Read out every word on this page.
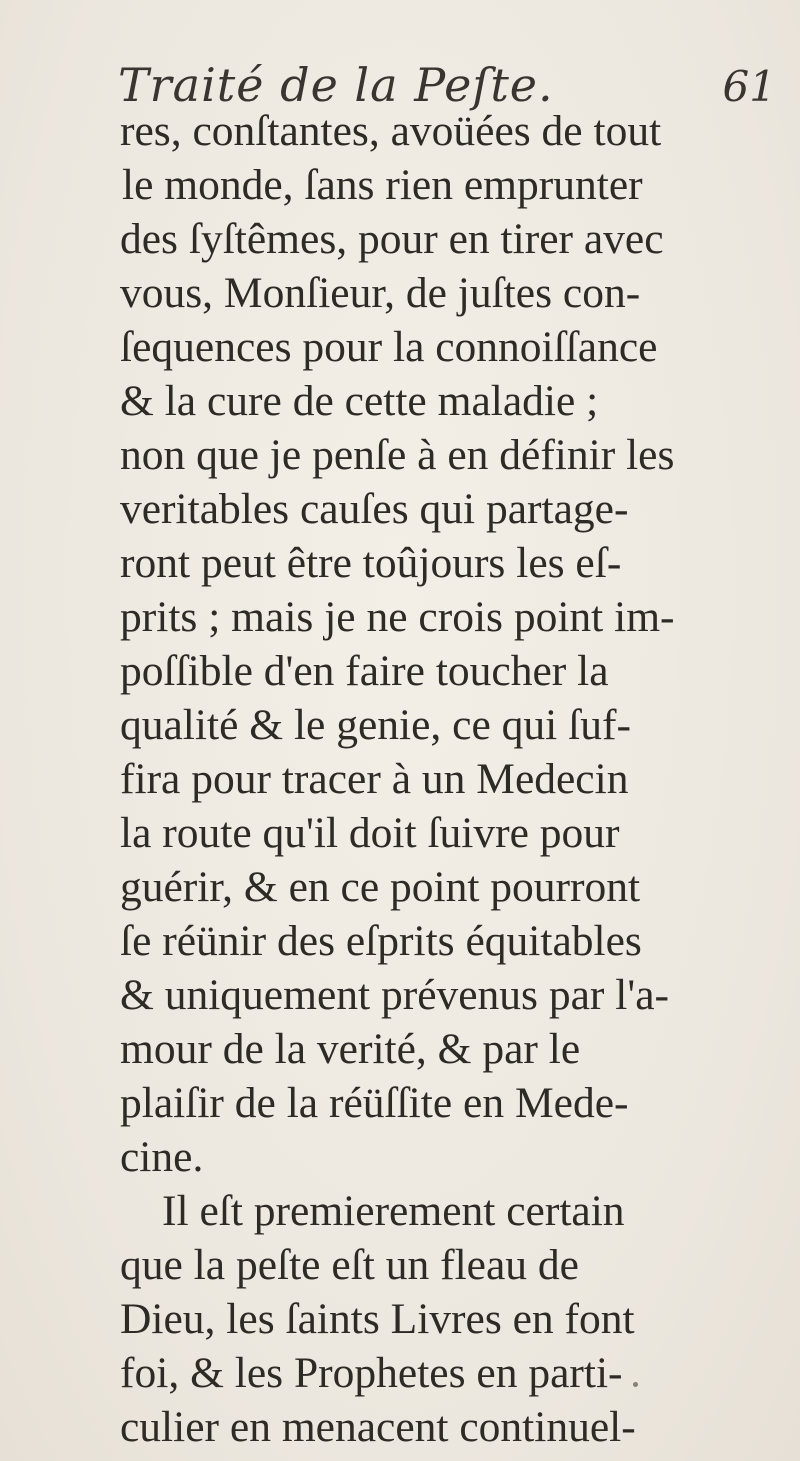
Traité de la Peſte.	61
res, conſtantes, avoüées de tout
le monde, ſans rien emprunter
des ſyſtêmes, pour en tirer avec
vous, Monſieur, de juſtes con-
ſequences pour la connoiſſance
& la cure de cette maladie ;
non que je penſe à en définir les
veritables cauſes qui partage-
ront peut être toûjours les eſ-
prits ; mais je ne crois point im-
poſſible d'en faire toucher la
qualité & le genie, ce qui ſuf-
fira pour tracer à un Medecin
la route qu'il doit ſuivre pour
guérir, & en ce point pourront
ſe réünir des eſprits équitables
& uniquement prévenus par l'a-
mour de la verité, & par le
plaiſir de la réüſſite en Mede-
cine.
Il eſt premierement certain
que la peſte eſt un fleau de
Dieu, les ſaints Livres en font
foi, & les Prophetes en parti-
culier en menacent continuel-
